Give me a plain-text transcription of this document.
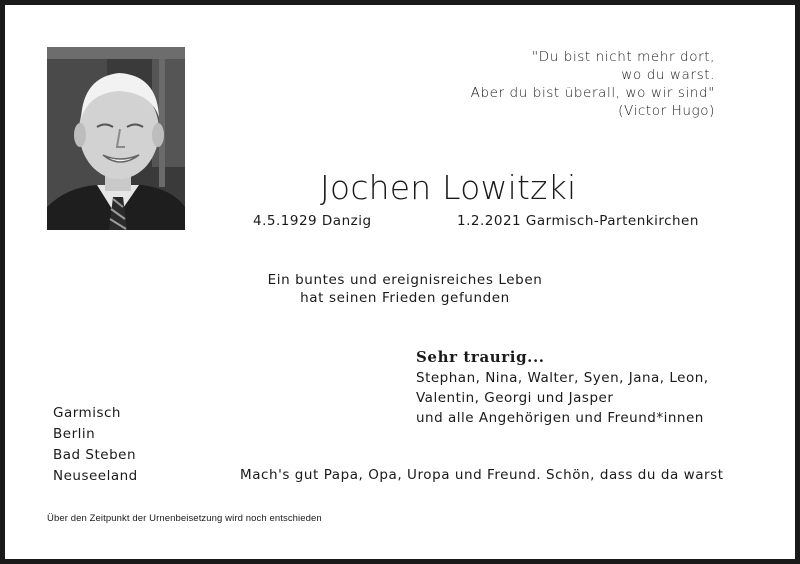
"Du bist nicht mehr dort,
wo du warst.
Aber du bist überall, wo wir sind"
(Victor Hugo)
Jochen Lowitzki
4.5.1929 Danzig	1.2.2021 Garmisch-Partenkirchen
Ein buntes und ereignisreiches Leben
hat seinen Frieden gefunden
Sehr traurig...
Stephan, Nina, Walter, Syen, Jana, Leon,
Valentin, Georgi und Jasper
und alle Angehörigen und Freund*innen
Garmisch
Berlin
Bad Steben
Neuseeland	Mach's gut Papa, Opa, Uropa und Freund. Schön, dass du da warst
Über den Zeitpunkt der Urnenbeisetzung wird noch entschieden
